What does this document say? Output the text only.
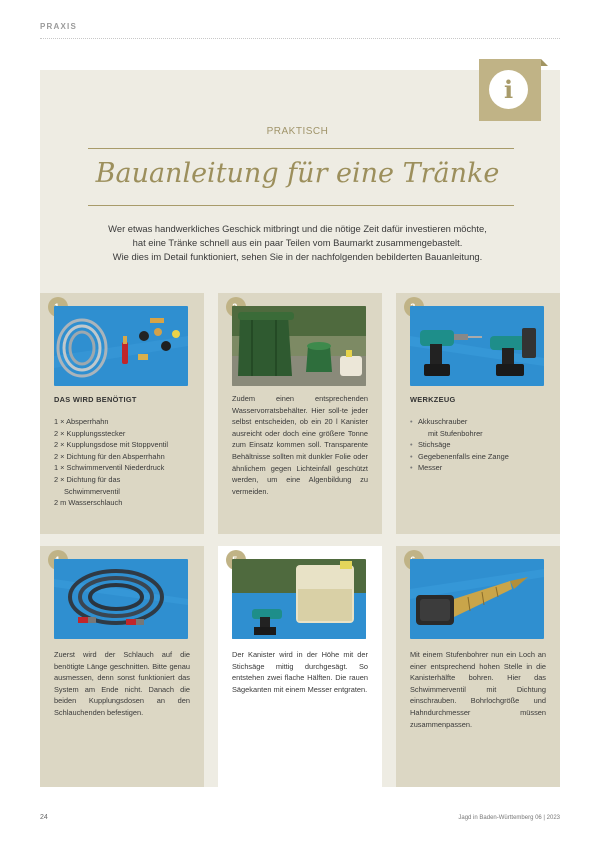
PRAXIS
i
PRAKTISCH
Bauanleitung für eine Tränke
Wer etwas handwerkliches Geschick mitbringt und die nötige Zeit dafür investieren möchte,
hat eine Tränke schnell aus ein paar Teilen vom Baumarkt zusammengebastelt.
Wie dies im Detail funktioniert, sehen Sie in der nachfolgenden bebilderten Bauanleitung.
DAS WIRD BENÖTIGT
1 × Absperrhahn
2 × Kupplungsstecker
2 × Kupplungsdose mit Stoppventil
2 × Dichtung für den Absperrhahn
1 × Schwimmerventil Niederdruck
2 × Dichtung für das
Schwimmerventil
2 m Wasserschlauch
Zudem einen entsprechenden Wasservorratsbehälter. Hier soll-te jeder selbst entscheiden, ob ein 20 l Kanister ausreicht oder doch eine größere Tonne zum Einsatz kommen soll. Transparente Behältnisse sollten mit dunkler Folie oder ähnlichem gegen Lichteinfall geschützt werden, um eine Algenbildung zu vermeiden.
WERKZEUG
• Akkuschrauber
mit Stufenbohrer
• Stichsäge
• Gegebenenfalls eine Zange
• Messer
Zuerst wird der Schlauch auf die benötigte Länge geschnitten. Bitte genau ausmessen, denn sonst funktioniert das System am Ende nicht. Danach die beiden Kupplungsdosen an den Schlauchenden befestigen.
Der Kanister wird in der Höhe mit der Stichsäge mittig durchgesägt. So entstehen zwei flache Hälften. Die rauen Sägekanten mit einem Messer entgraten.
Mit einem Stufenbohrer nun ein Loch an einer entsprechend hohen Stelle in die Kanisterhälfte bohren. Hier das Schwimmerventil mit Dichtung einschrauben. Bohrlochgröße und Hahndurchmesser müssen zusammenpassen.
24	Jagd in Baden-Württemberg 06 | 2023
